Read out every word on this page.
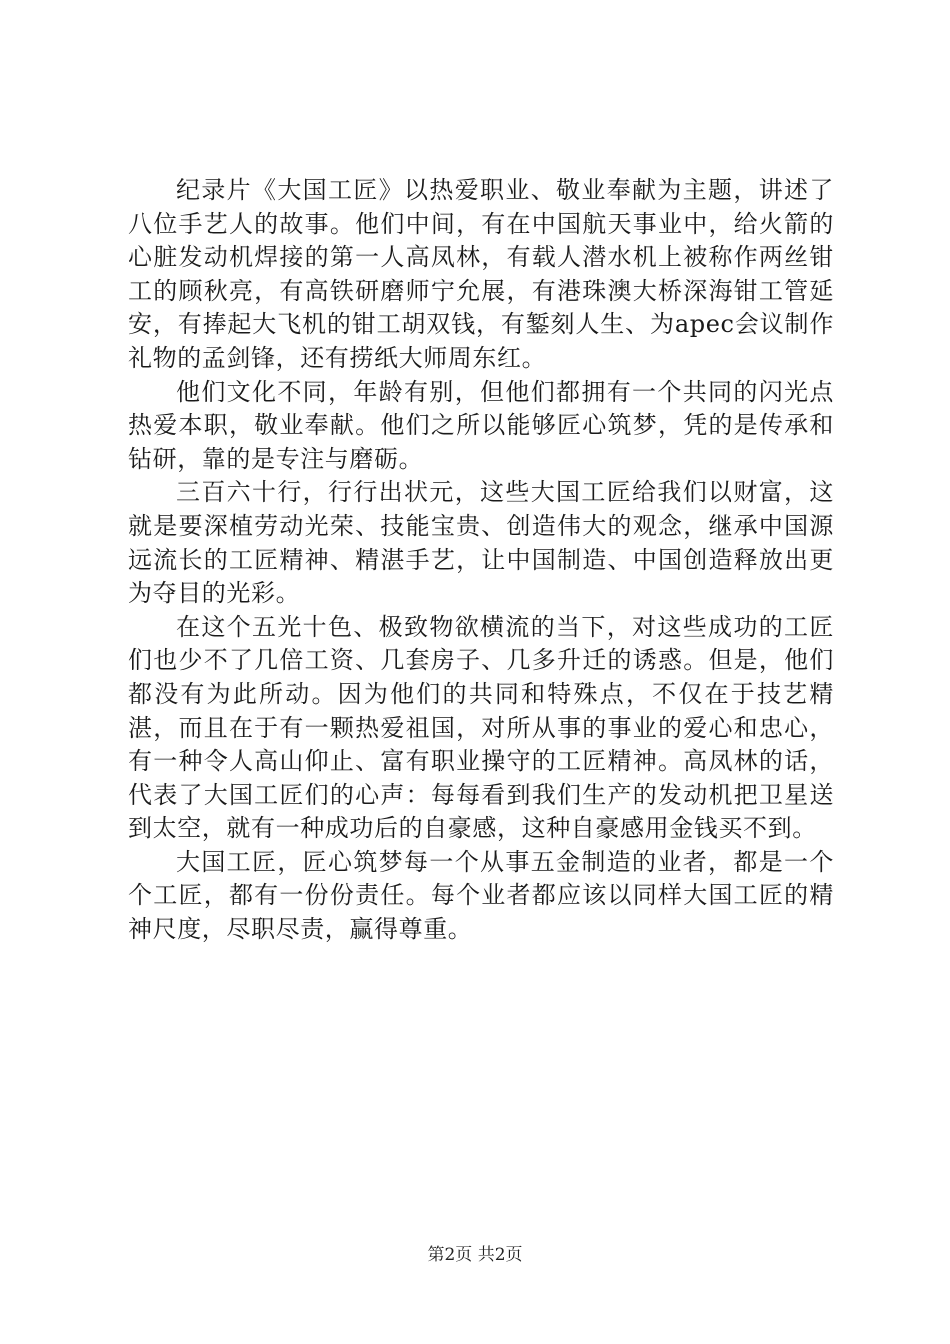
纪录片《大国工匠》以热爱职业、敬业奉献为主题，讲述了八位手艺人的故事。他们中间，有在中国航天事业中，给火箭的心脏发动机焊接的第一人高凤林，有载人潜水机上被称作两丝钳工的顾秋亮，有高铁研磨师宁允展，有港珠澳大桥深海钳工管延安，有捧起大飞机的钳工胡双钱，有錾刻人生、为apec会议制作礼物的孟剑锋，还有捞纸大师周东红。

他们文化不同，年龄有别，但他们都拥有一个共同的闪光点热爱本职，敬业奉献。他们之所以能够匠心筑梦，凭的是传承和钻研，靠的是专注与磨砺。

三百六十行，行行出状元，这些大国工匠给我们以财富，这就是要深植劳动光荣、技能宝贵、创造伟大的观念，继承中国源远流长的工匠精神、精湛手艺，让中国制造、中国创造释放出更为夺目的光彩。

在这个五光十色、极致物欲横流的当下，对这些成功的工匠们也少不了几倍工资、几套房子、几多升迁的诱惑。但是，他们都没有为此所动。因为他们的共同和特殊点，不仅在于技艺精湛，而且在于有一颗热爱祖国，对所从事的事业的爱心和忠心，有一种令人高山仰止、富有职业操守的工匠精神。高凤林的话，代表了大国工匠们的心声：每每看到我们生产的发动机把卫星送到太空，就有一种成功后的自豪感，这种自豪感用金钱买不到。

大国工匠，匠心筑梦每一个从事五金制造的业者，都是一个个工匠，都有一份份责任。每个业者都应该以同样大国工匠的精神尺度，尽职尽责，赢得尊重。

第2页 共2页
